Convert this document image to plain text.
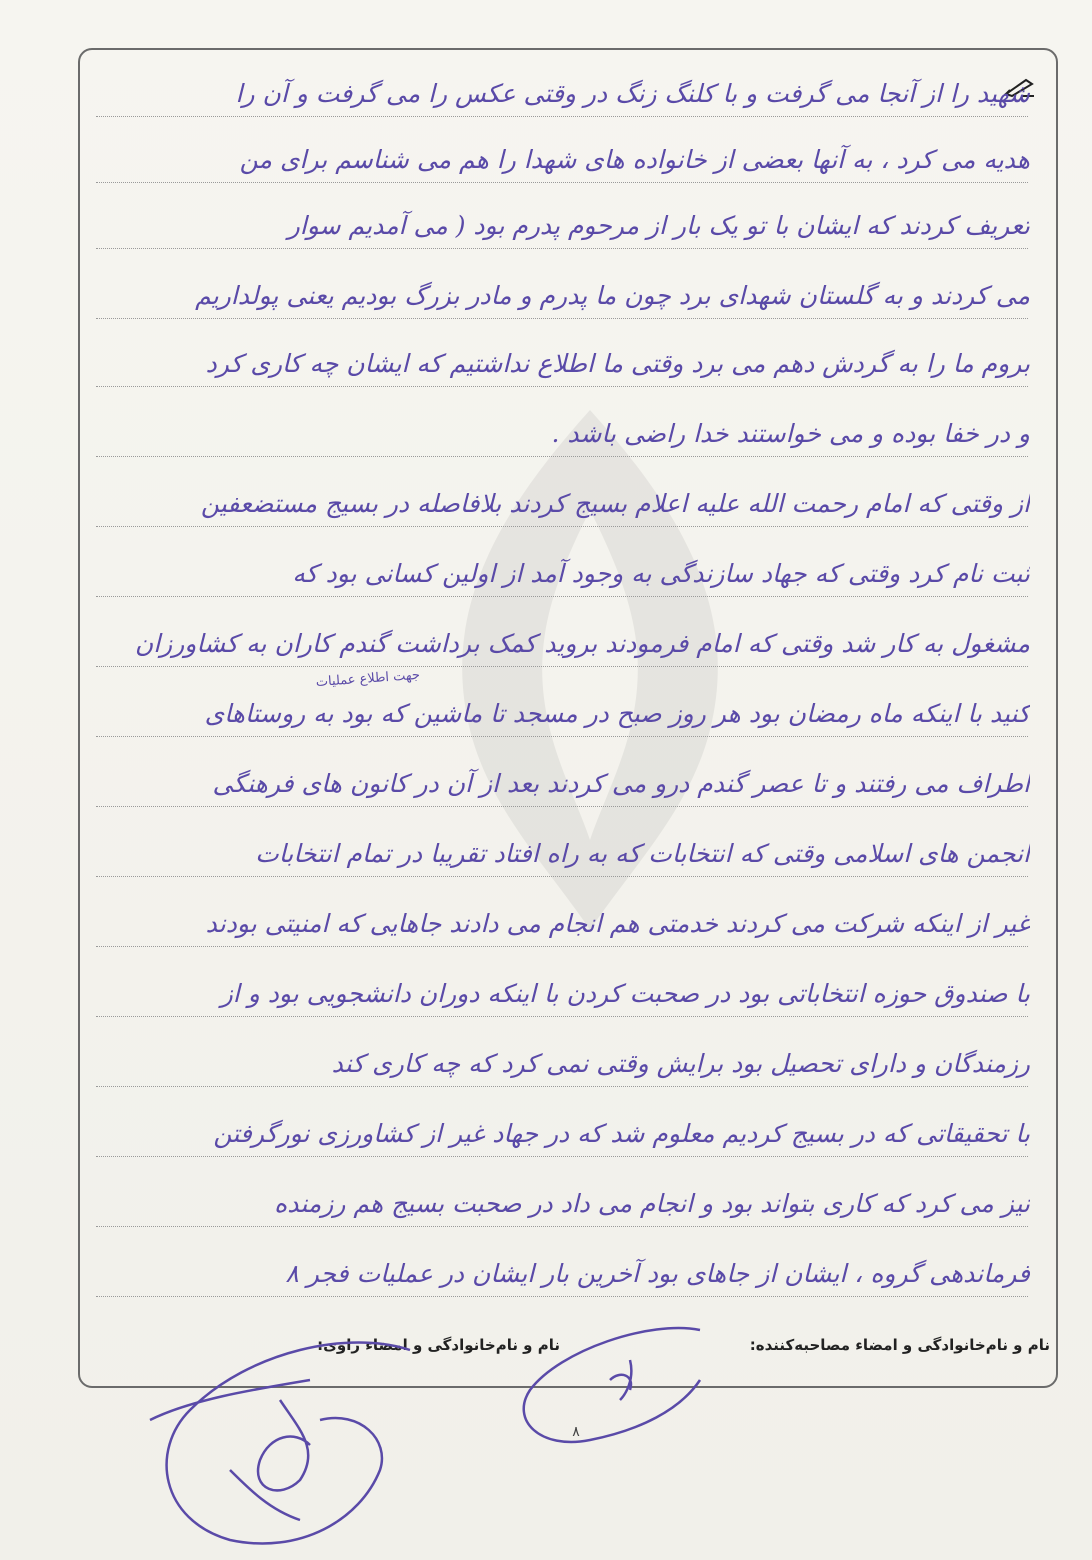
شهید را از آنجا می گرفت و با کلنگ زنگ در وقتی عکس را می گرفت و آن را
هدیه می کرد ، به آنها بعضی از خانواده های شهدا را هم می شناسم برای من
تعریف کردند که ایشان با تو یک بار از مرحوم پدرم بود ( می آمدیم سوار
می کردند و به گلستان شهدای برد چون ما پدرم و مادر بزرگ بودیم یعنی پولداریم
بروم ما را به گردش دهم می برد وقتی ما اطلاع نداشتیم که ایشان چه کاری کرد
و در خفا بوده و می خواستند خدا راضی باشد .
از وقتی که امام رحمت الله علیه اعلام بسیج کردند بلافاصله در بسیج مستضعفین
ثبت نام کرد وقتی که جهاد سازندگی به وجود آمد از اولین کسانی بود که
مشغول به کار شد وقتی که امام فرمودند بروید کمک برداشت گندم کاران به کشاورزان
کنید با اینکه ماه رمضان بود هر روز صبح در مسجد تا ماشین که بود به روستاهای
اطراف می رفتند و تا عصر گندم درو می کردند بعد از آن در کانون های فرهنگی
انجمن های اسلامی وقتی که انتخابات که به راه افتاد تقریبا در تمام انتخابات
غیر از اینکه شرکت می کردند خدمتی هم انجام می دادند جاهایی که امنیتی بودند
با صندوق حوزه انتخاباتی بود در صحبت کردن با اینکه دوران دانشجویی بود و از
رزمندگان و دارای تحصیل بود برایش وقتی نمی کرد که چه کاری کند
با تحقیقاتی که در بسیج کردیم معلوم شد که در جهاد غیر از کشاورزی نورگرفتن
نیز می کرد که کاری بتواند بود و انجام می داد در صحبت بسیج هم رزمنده
فرماندهی گروه ، ایشان از جاهای بود آخرین بار ایشان در عملیات فجر ۸
جهت اطلاع عملیات
نام و نام‌خانوادگی و امضاء مصاحبه‌کننده:
نام و نام‌خانوادگی و امضاء راوی:
۸
